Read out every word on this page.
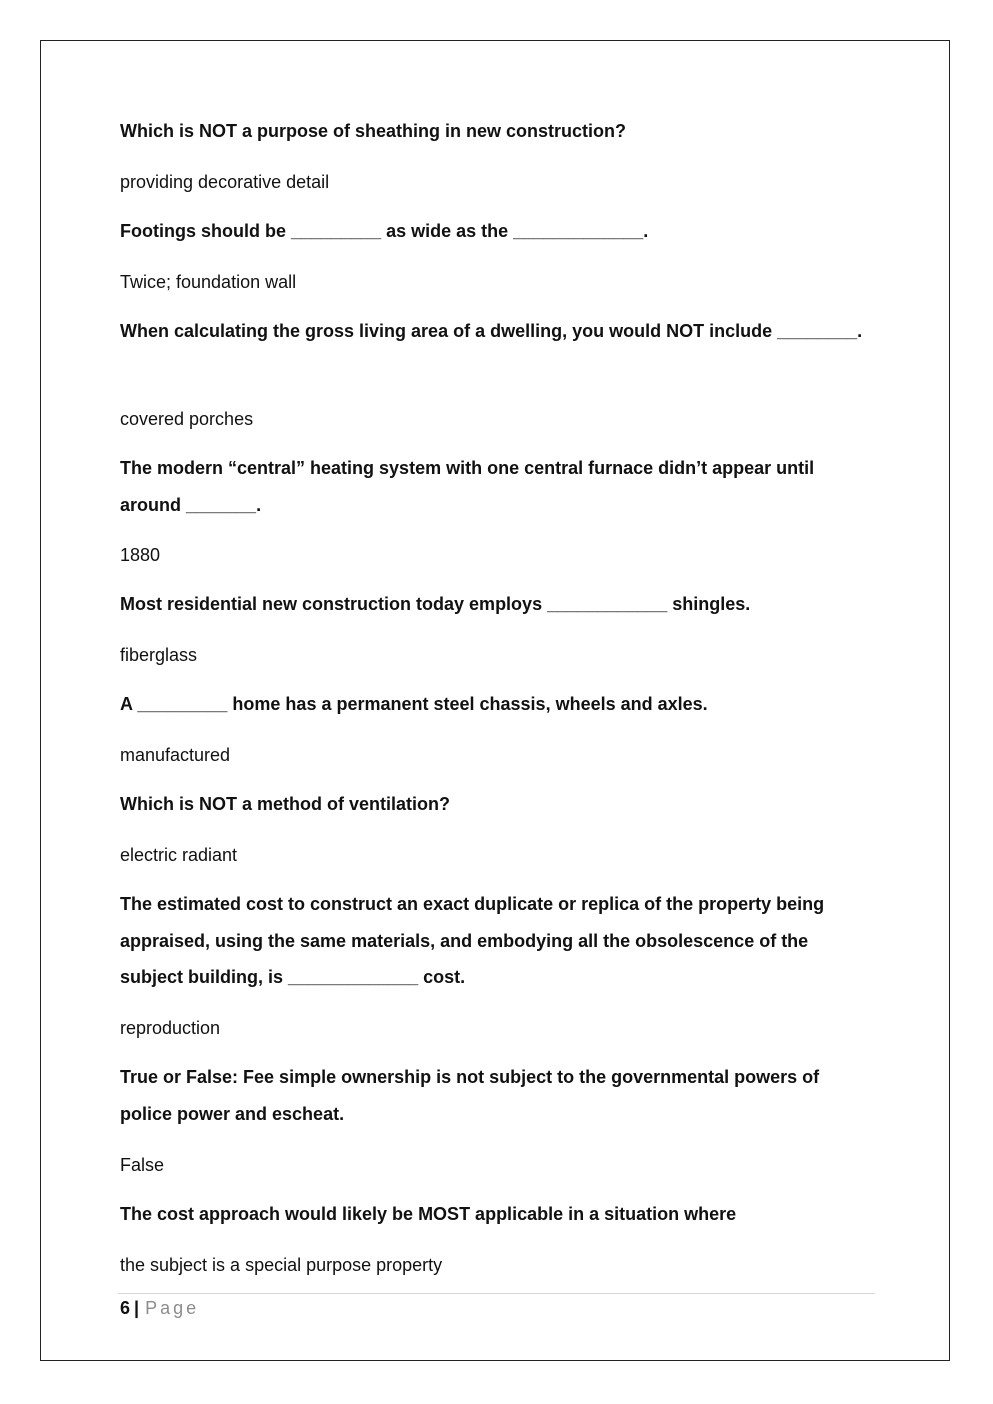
Which is NOT a purpose of sheathing in new construction?

providing decorative detail

Footings should be _________ as wide as the _____________.

Twice; foundation wall

When calculating the gross living area of a dwelling, you would NOT include ________.

covered porches

The modern “central” heating system with one central furnace didn’t appear until around _______.

1880

Most residential new construction today employs ____________ shingles.

fiberglass

A _________ home has a permanent steel chassis, wheels and axles.

manufactured

Which is NOT a method of ventilation?

electric radiant

The estimated cost to construct an exact duplicate or replica of the property being appraised, using the same materials, and embodying all the obsolescence of the subject building, is _____________ cost.

reproduction

True or False: Fee simple ownership is not subject to the governmental powers of police power and escheat.

False

The cost approach would likely be MOST applicable in a situation where

the subject is a special purpose property

6 | Page
